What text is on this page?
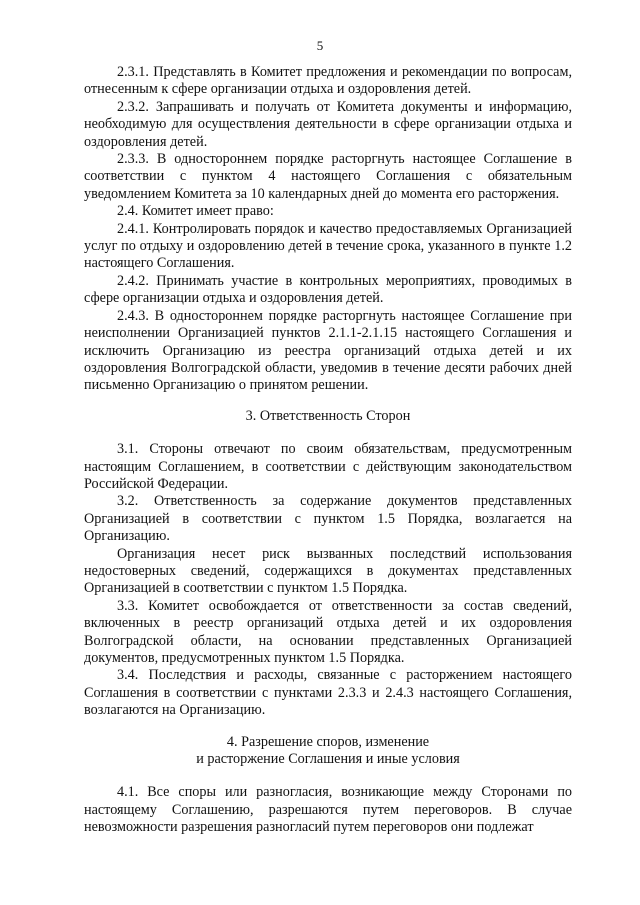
5

2.3.1. Представлять в Комитет предложения и рекомендации по вопросам, отнесенным к сфере организации отдыха и оздоровления детей.

2.3.2. Запрашивать и получать от Комитета документы и информацию, необходимую для осуществления деятельности в сфере организации отдыха и оздоровления детей.

2.3.3. В одностороннем порядке расторгнуть настоящее Соглашение в соответствии с пунктом 4 настоящего Соглашения с обязательным уведомлением Комитета за 10 календарных дней до момента его расторжения.

2.4. Комитет имеет право:

2.4.1. Контролировать порядок и качество предоставляемых Организацией услуг по отдыху и оздоровлению детей в течение срока, указанного в пункте 1.2 настоящего Соглашения.

2.4.2. Принимать участие в контрольных мероприятиях, проводимых в сфере организации отдыха и оздоровления детей.

2.4.3. В одностороннем порядке расторгнуть настоящее Соглашение при неисполнении Организацией пунктов 2.1.1-2.1.15 настоящего Соглашения и исключить Организацию из реестра организаций отдыха детей и их оздоровления Волгоградской области, уведомив в течение десяти рабочих дней письменно Организацию о принятом решении.

3. Ответственность Сторон

3.1. Стороны отвечают по своим обязательствам, предусмотренным настоящим Соглашением, в соответствии с действующим законодательством Российской Федерации.

3.2. Ответственность за содержание документов представленных Организацией в соответствии с пунктом 1.5 Порядка, возлагается на Организацию.

Организация несет риск вызванных последствий использования недостоверных сведений, содержащихся в документах представленных Организацией в соответствии с пунктом 1.5 Порядка.

3.3. Комитет освобождается от ответственности за состав сведений, включенных в реестр организаций отдыха детей и их оздоровления Волгоградской области, на основании представленных Организацией документов, предусмотренных пунктом 1.5 Порядка.

3.4. Последствия и расходы, связанные с расторжением настоящего Соглашения в соответствии с пунктами 2.3.3 и 2.4.3 настоящего Соглашения, возлагаются на Организацию.

4. Разрешение споров, изменение
и расторжение Соглашения и иные условия

4.1. Все споры или разногласия, возникающие между Сторонами по настоящему Соглашению, разрешаются путем переговоров. В случае невозможности разрешения разногласий путем переговоров они подлежат
